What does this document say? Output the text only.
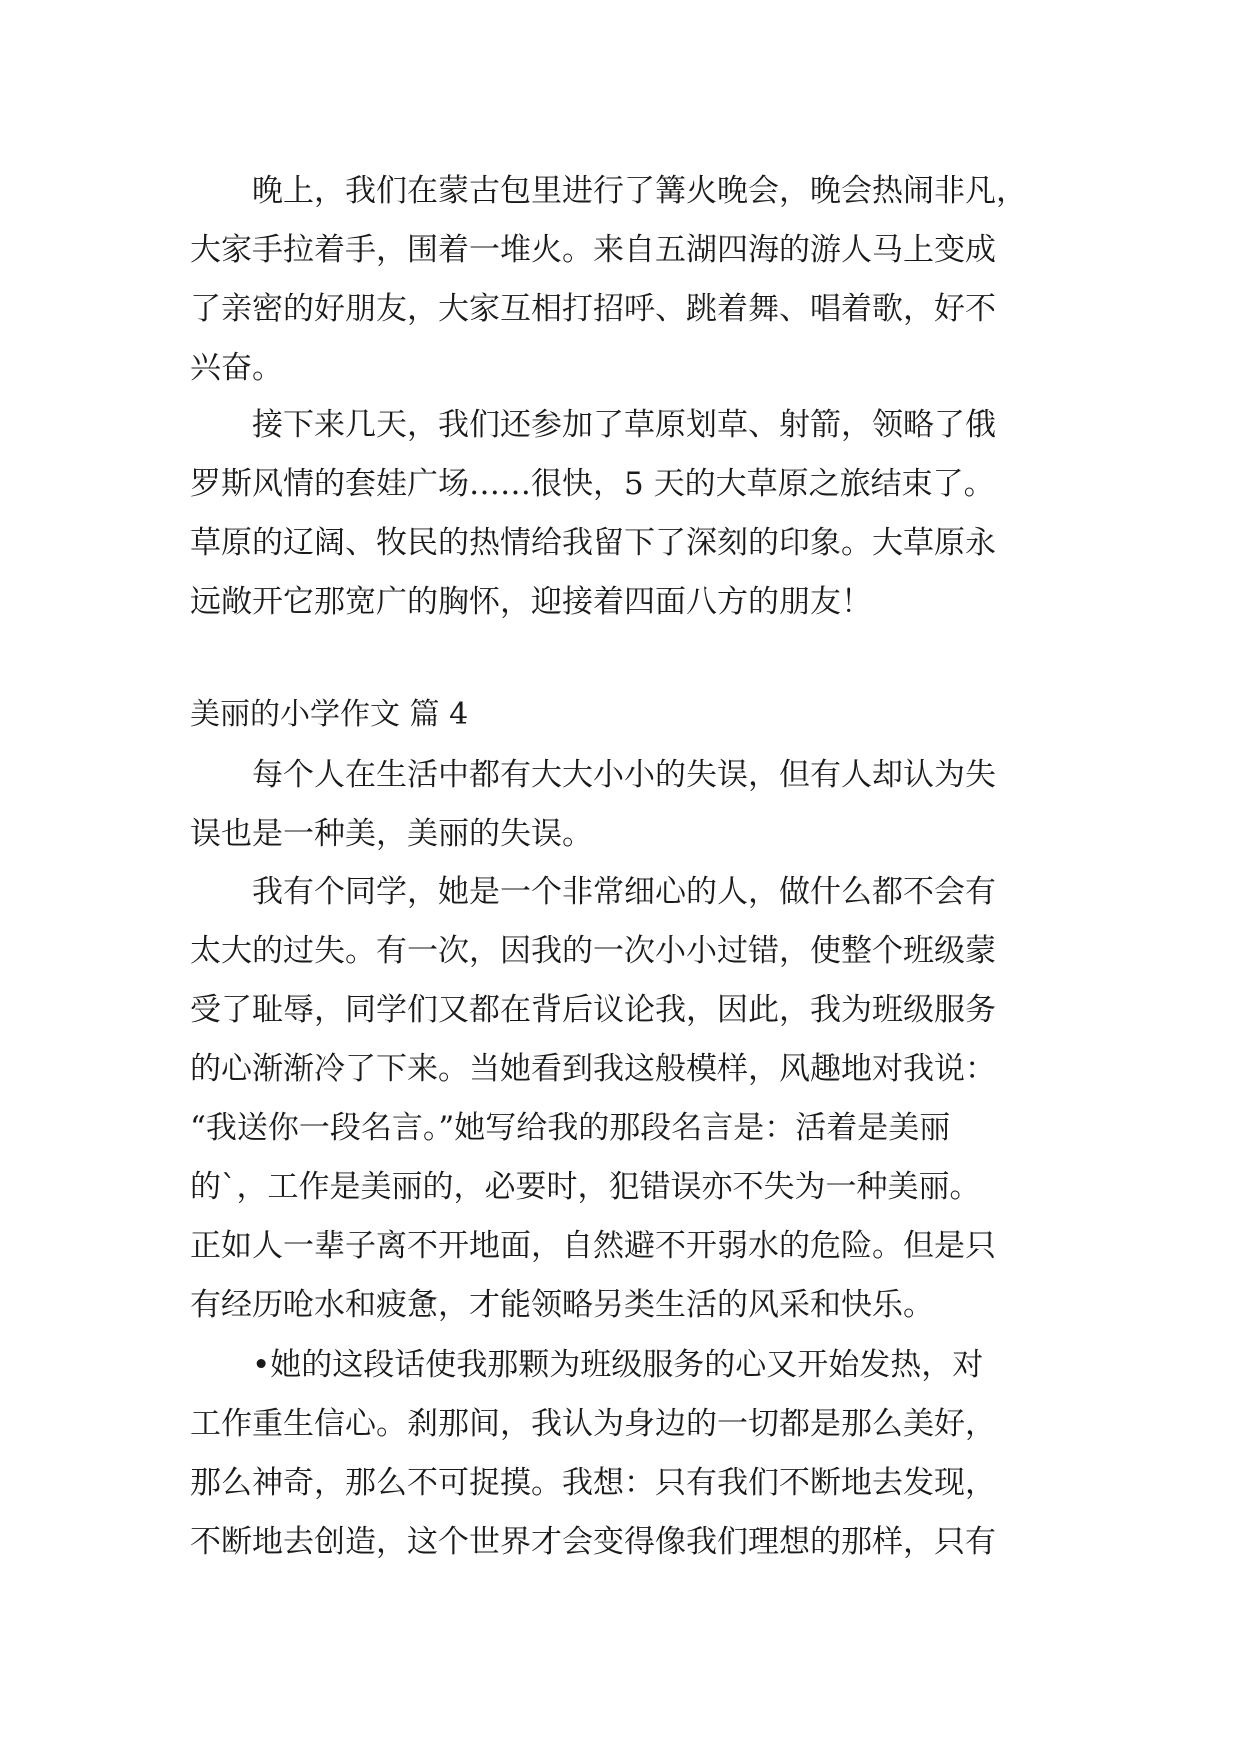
　　晚上，我们在蒙古包里进行了篝火晚会，晚会热闹非凡，
大家手拉着手，围着一堆火。来自五湖四海的游人马上变成
了亲密的好朋友，大家互相打招呼、跳着舞、唱着歌，好不
兴奋。
　　接下来几天，我们还参加了草原划草、射箭，领略了俄
罗斯风情的套娃广场……很快，5 天的大草原之旅结束了。
草原的辽阔、牧民的热情给我留下了深刻的印象。大草原永
远敞开它那宽广的胸怀，迎接着四面八方的朋友！
美丽的小学作文 篇 4
　　每个人在生活中都有大大小小的失误，但有人却认为失
误也是一种美，美丽的失误。
　　我有个同学，她是一个非常细心的人，做什么都不会有
太大的过失。有一次，因我的一次小小过错，使整个班级蒙
受了耻辱，同学们又都在背后议论我，因此，我为班级服务
的心渐渐冷了下来。当她看到我这般模样，风趣地对我说：
“我送你一段名言。”她写给我的那段名言是：活着是美丽
的`，工作是美丽的，必要时，犯错误亦不失为一种美丽。
正如人一辈子离不开地面，自然避不开弱水的危险。但是只
有经历呛水和疲惫，才能领略另类生活的风采和快乐。
　　•她的这段话使我那颗为班级服务的心又开始发热，对
工作重生信心。刹那间，我认为身边的一切都是那么美好，
那么神奇，那么不可捉摸。我想：只有我们不断地去发现，
不断地去创造，这个世界才会变得像我们理想的那样，只有
